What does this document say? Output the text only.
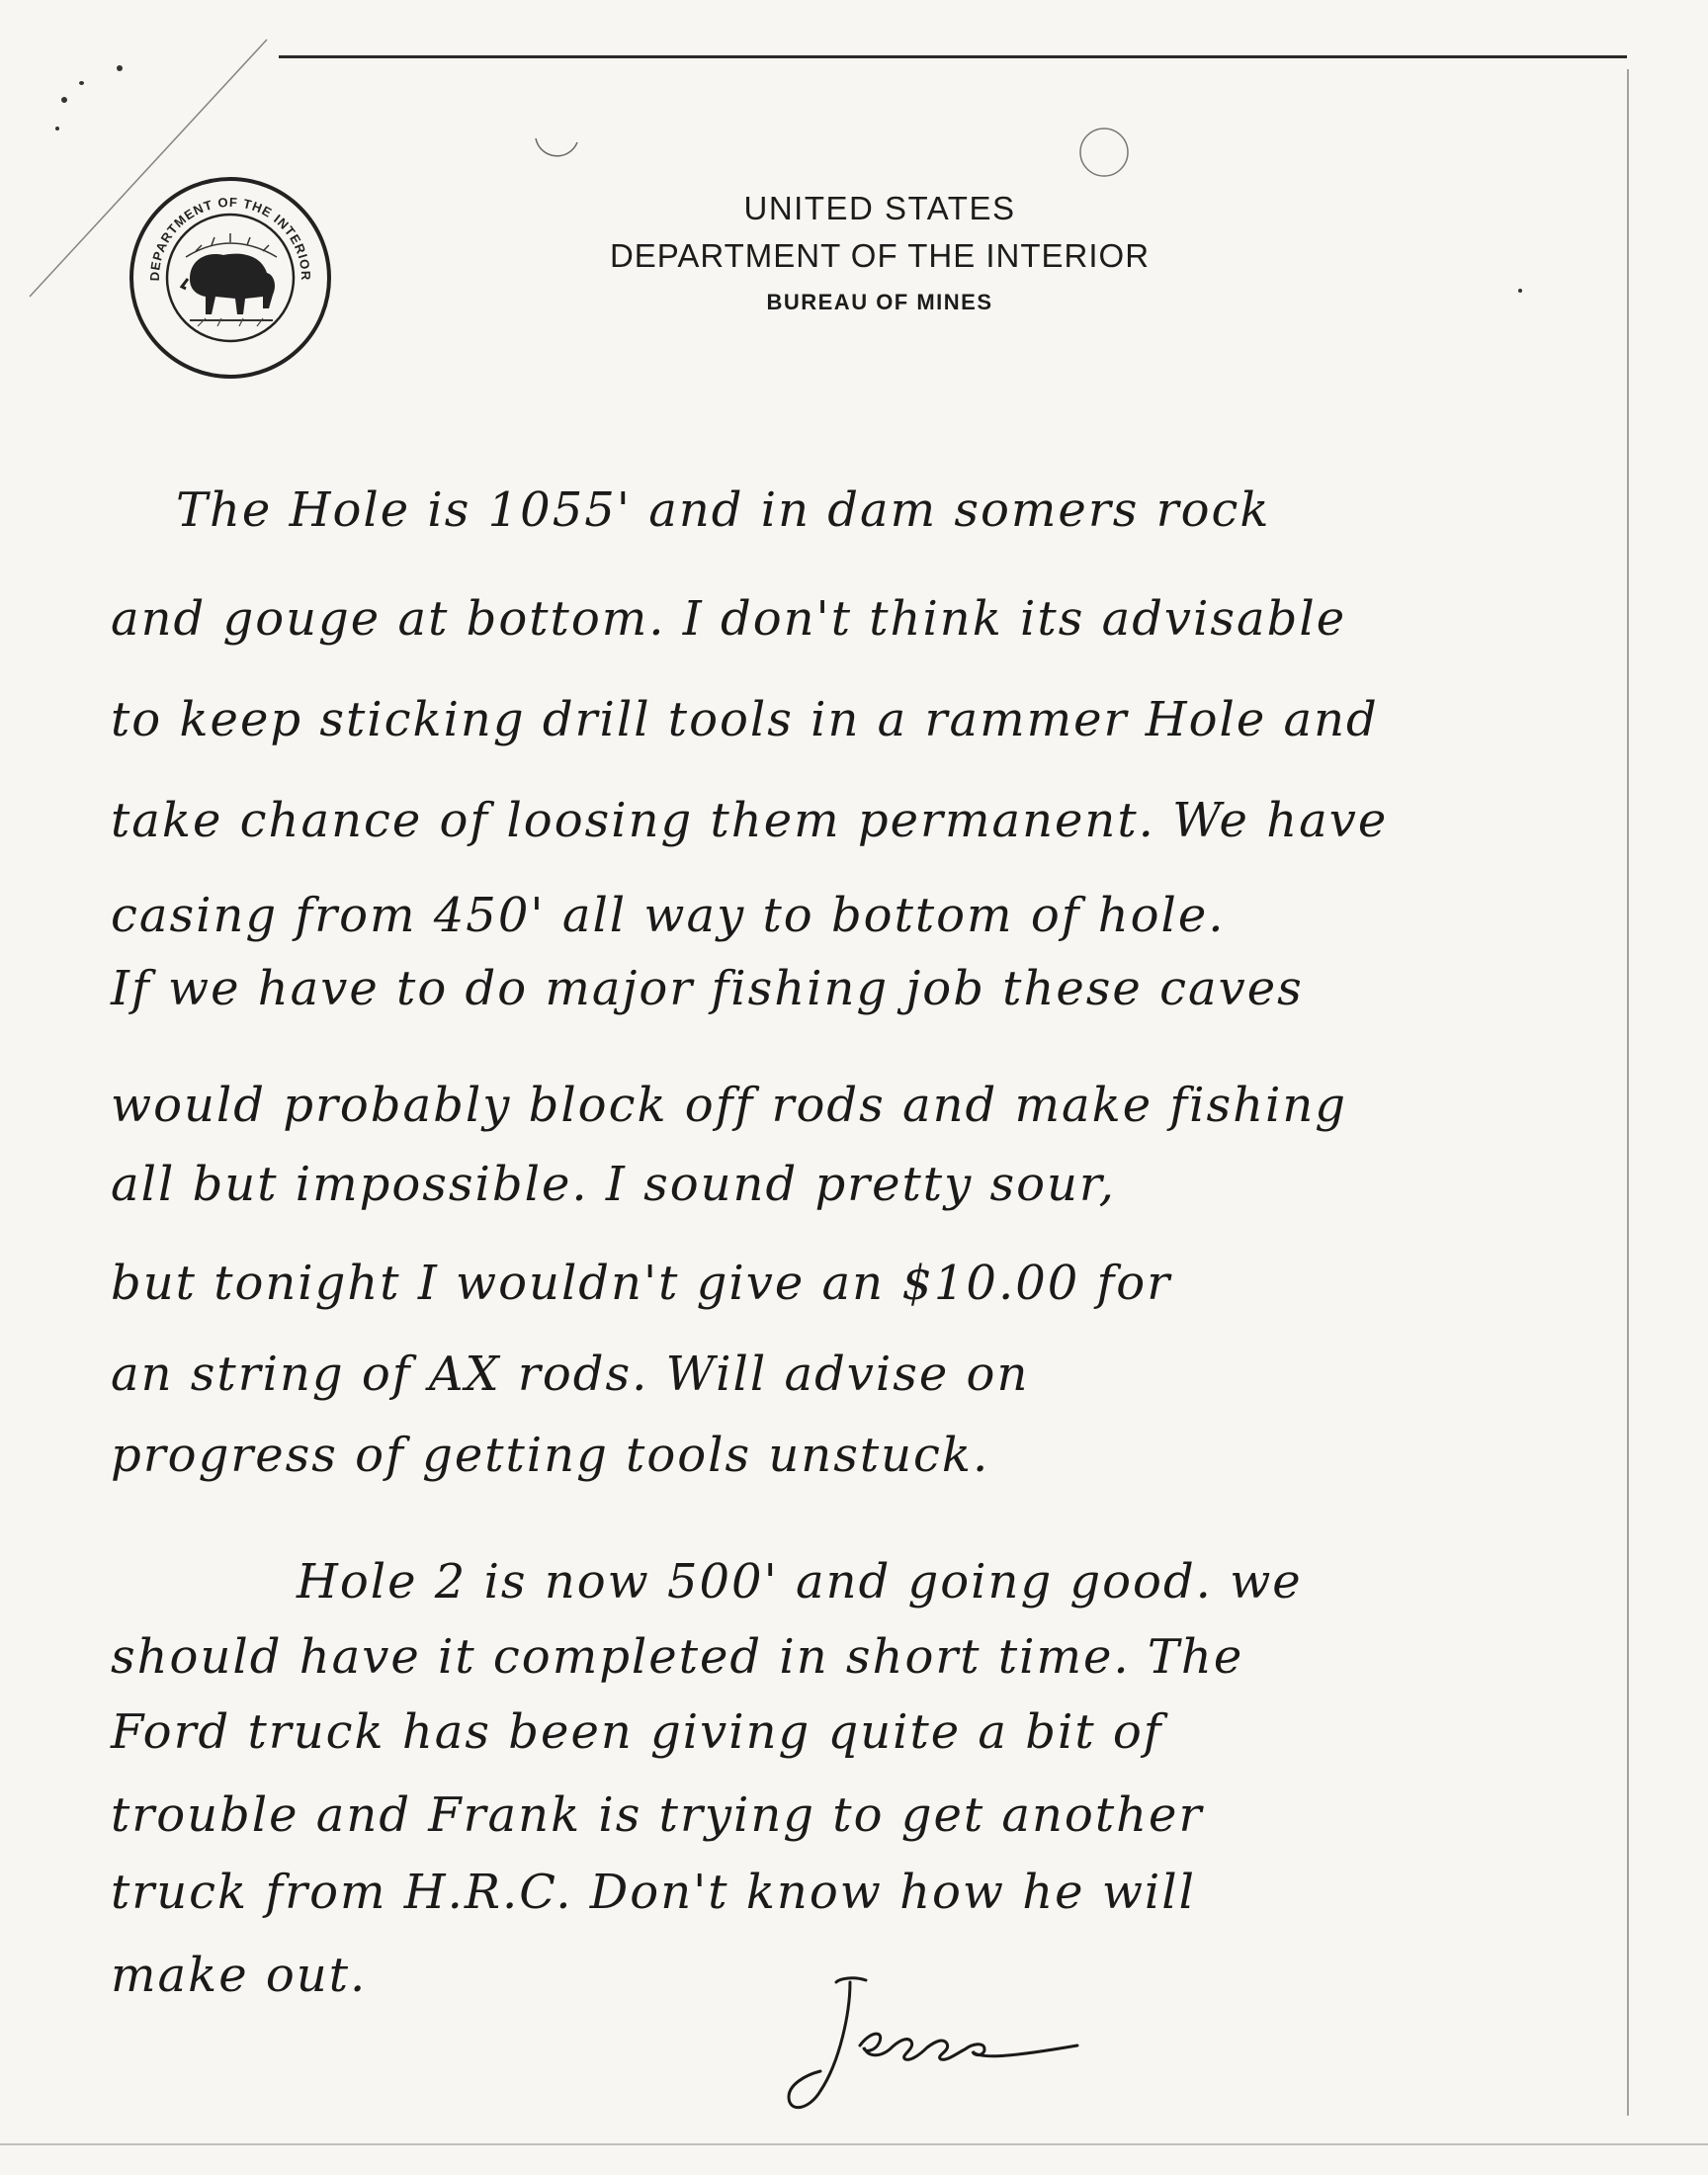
DEPARTMENT OF THE INTERIOR
UNITED STATES
DEPARTMENT OF THE INTERIOR
BUREAU OF MINES
The Hole is 1055' and in dam somers rock
and gouge at bottom. I don't think its advisable
to keep sticking drill tools in a rammer Hole and
take chance of loosing them permanent. We have
casing from 450' all way to bottom of hole.
If we have to do major fishing job these caves
would probably block off rods and make fishing
all but impossible. I sound pretty sour,
but tonight I wouldn't give an $10.00 for
an string of AX rods. Will advise on
progress of getting tools unstuck.
Hole 2 is now 500' and going good. we
should have it completed in short time. The
Ford truck has been giving quite a bit of
trouble and Frank is trying to get another
truck from H.R.C. Don't know how he will
make out.
